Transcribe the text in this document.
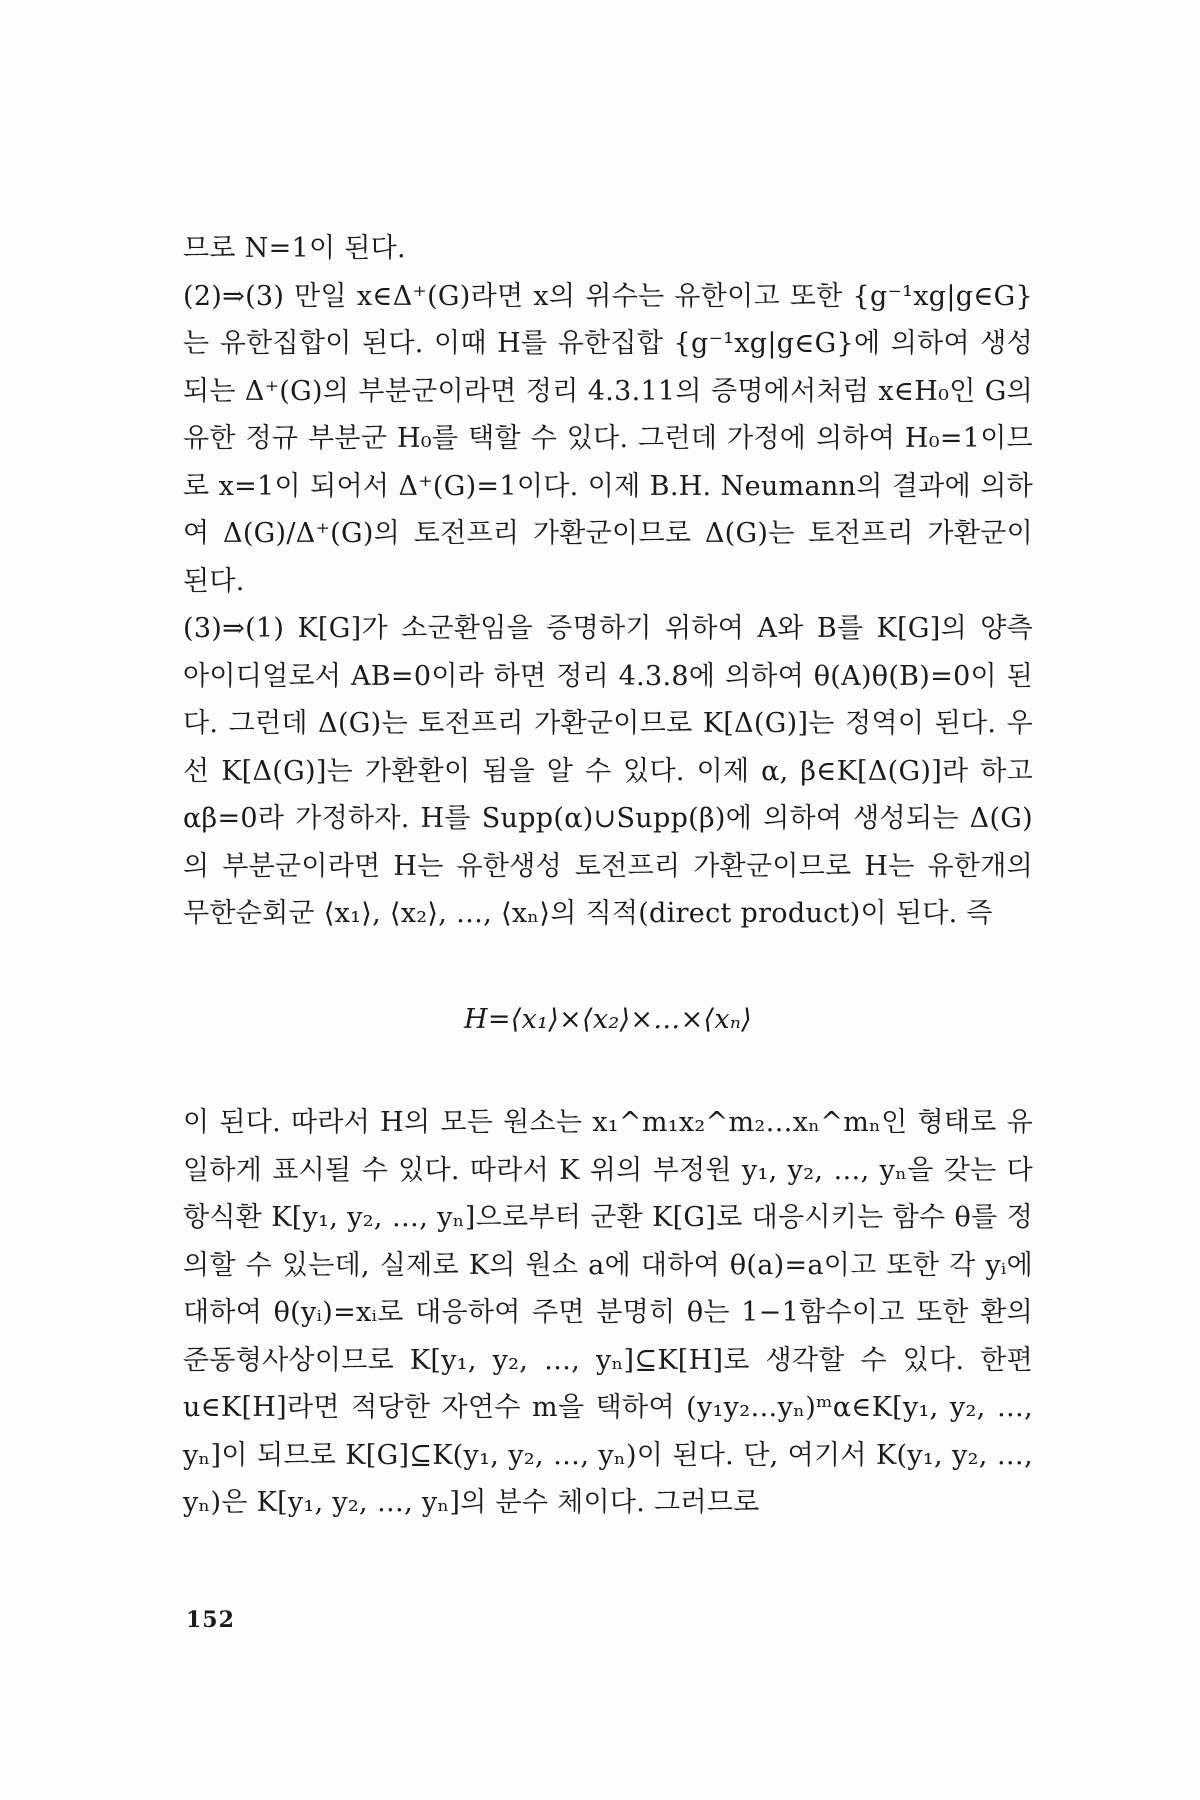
므로 N=1이 된다.

(2)⇒(3) 만일 x∈Δ⁺(G)라면 x의 위수는 유한이고 또한 {g⁻¹xg|g∈G}는 유한집합이 된다. 이때 H를 유한집합 {g⁻¹xg|g∈G}에 의하여 생성되는 Δ⁺(G)의 부분군이라면 정리 4.3.11의 증명에서처럼 x∈H₀인 G의 유한 정규 부분군 H₀를 택할 수 있다. 그런데 가정에 의하여 H₀=1이므로 x=1이 되어서 Δ⁺(G)=1이다. 이제 B.H. Neumann의 결과에 의하여 Δ(G)/Δ⁺(G)의 토전프리 가환군이므로 Δ(G)는 토전프리 가환군이 된다.

(3)⇒(1) K[G]가 소군환임을 증명하기 위하여 A와 B를 K[G]의 양측 아이디얼로서 AB=0이라 하면 정리 4.3.8에 의하여 θ(A)θ(B)=0이 된다. 그런데 Δ(G)는 토전프리 가환군이므로 K[Δ(G)]는 정역이 된다. 우선 K[Δ(G)]는 가환환이 됨을 알 수 있다. 이제 α, β∈K[Δ(G)]라 하고 αβ=0라 가정하자. H를 Supp(α)∪Supp(β)에 의하여 생성되는 Δ(G)의 부분군이라면 H는 유한생성 토전프리 가환군이므로 H는 유한개의 무한순회군 ⟨x₁⟩, ⟨x₂⟩, …, ⟨xₙ⟩의 직적(direct product)이 된다. 즉

H=⟨x₁⟩×⟨x₂⟩×…×⟨xₙ⟩

이 된다. 따라서 H의 모든 원소는 x₁^m₁x₂^m₂…xₙ^mₙ인 형태로 유일하게 표시될 수 있다. 따라서 K 위의 부정원 y₁, y₂, …, yₙ을 갖는 다항식환 K[y₁, y₂, …, yₙ]으로부터 군환 K[G]로 대응시키는 함수 θ를 정의할 수 있는데, 실제로 K의 원소 a에 대하여 θ(a)=a이고 또한 각 yᵢ에 대하여 θ(yᵢ)=xᵢ로 대응하여 주면 분명히 θ는 1−1함수이고 또한 환의 준동형사상이므로 K[y₁, y₂, …, yₙ]⊆K[H]로 생각할 수 있다. 한편 u∈K[H]라면 적당한 자연수 m을 택하여 (y₁y₂…yₙ)ᵐα∈K[y₁, y₂, …, yₙ]이 되므로 K[G]⊆K(y₁, y₂, …, yₙ)이 된다. 단, 여기서 K(y₁, y₂, …, yₙ)은 K[y₁, y₂, …, yₙ]의 분수 체이다. 그러므로

152
